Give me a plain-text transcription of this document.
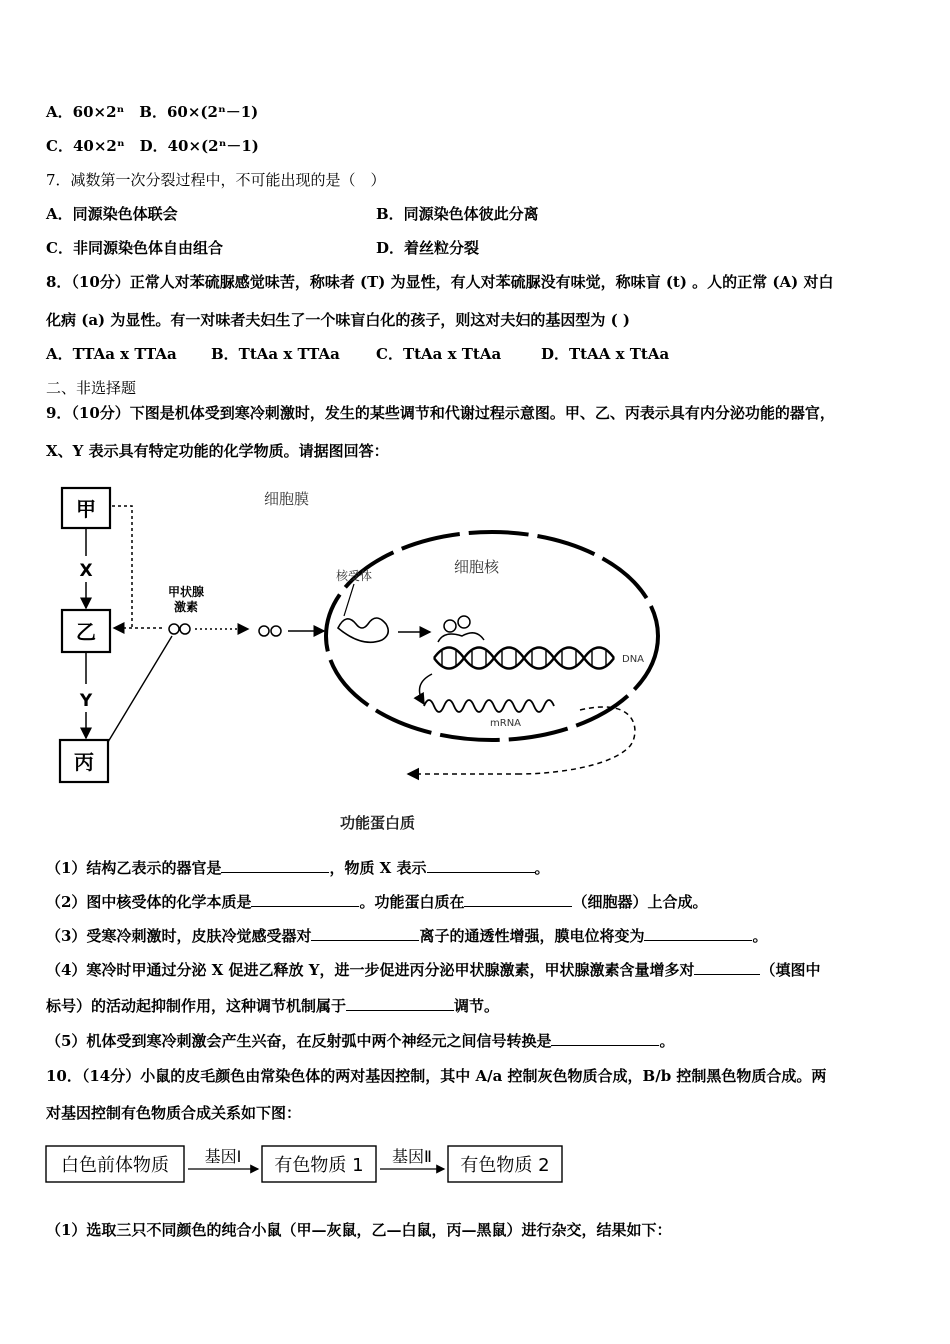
A．60×2ⁿ　B．60×(2ⁿ－1)
C．40×2ⁿ　D．40×(2ⁿ－1)
7．减数第一次分裂过程中，不可能出现的是（　）
A．同源染色体联会	B．同源染色体彼此分离
C．非同源染色体自由组合	D．着丝粒分裂
8．（10分）正常人对苯硫脲感觉味苦，称味者 (T) 为显性，有人对苯硫脲没有味觉，称味盲 (t) 。人的正常 (A) 对白
化病 (a) 为显性。有一对味者夫妇生了一个味盲白化的孩子，则这对夫妇的基因型为 ( )
A．TTAa x TTAa B．TtAa x TTAa C．TtAa x TtAa	D．TtAA x TtAa
二、非选择题
9．（10分）下图是机体受到寒冷刺激时，发生的某些调节和代谢过程示意图。甲、乙、丙表示具有内分泌功能的器官，
X、Y 表示具有特定功能的化学物质。请据图回答：
甲
乙
丙
X
Y
甲状腺
激素
细胞膜
细胞核
核受体
DNA
mRNA
功能蛋白质
（1）结构乙表示的器官是	，物质 X 表示	。
（2）图中核受体的化学本质是	。功能蛋白质在	（细胞器）上合成。
（3）受寒冷刺激时，皮肤冷觉感受器对	离子的通透性增强，膜电位将变为	。
（4）寒冷时甲通过分泌 X 促进乙释放 Y，进一步促进丙分泌甲状腺激素，甲状腺激素含量增多对	（填图中
标号）的活动起抑制作用，这种调节机制属于	调节。
（5）机体受到寒冷刺激会产生兴奋，在反射弧中两个神经元之间信号转换是	。
10．（14分）小鼠的皮毛颜色由常染色体的两对基因控制，其中 A/a 控制灰色物质合成，B/b 控制黑色物质合成。两
对基因控制有色物质合成关系如下图：
白色前体物质 基因Ⅰ 有色物质 1 基因Ⅱ 有色物质 2
（1）选取三只不同颜色的纯合小鼠（甲—灰鼠，乙—白鼠，丙—黑鼠）进行杂交，结果如下：
